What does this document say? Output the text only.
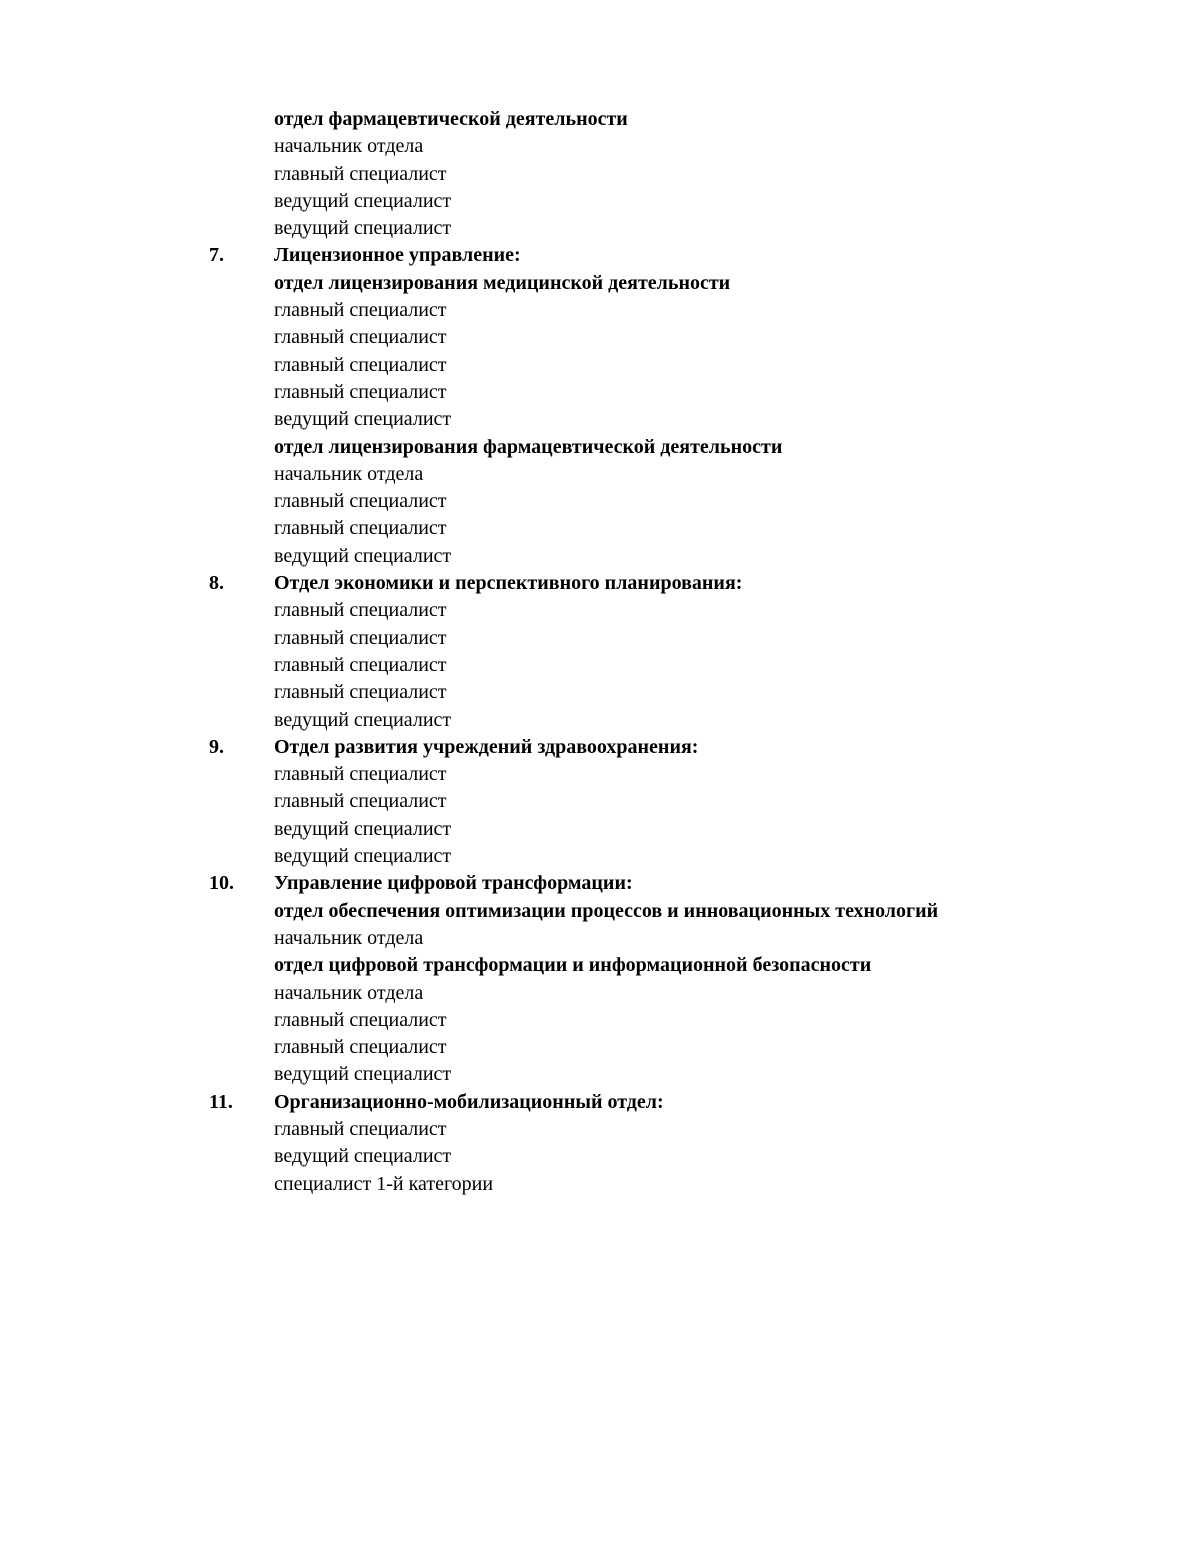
отдел фармацевтической деятельности
начальник отдела
главный специалист
ведущий специалист
ведущий специалист
7.	Лицензионное управление:
отдел лицензирования медицинской деятельности
главный специалист
главный специалист
главный специалист
главный специалист
ведущий специалист
отдел лицензирования фармацевтической деятельности
начальник отдела
главный специалист
главный специалист
ведущий специалист
8.	Отдел экономики и перспективного планирования:
главный специалист
главный специалист
главный специалист
главный специалист
ведущий специалист
9.	Отдел развития учреждений здравоохранения:
главный специалист
главный специалист
ведущий специалист
ведущий специалист
10. Управление цифровой трансформации:
отдел обеспечения оптимизации процессов и инновационных технологий
начальник отдела
отдел цифровой трансформации и информационной безопасности
начальник отдела
главный специалист
главный специалист
ведущий специалист
11. Организационно-мобилизационный отдел:
главный специалист
ведущий специалист
специалист 1-й категории
